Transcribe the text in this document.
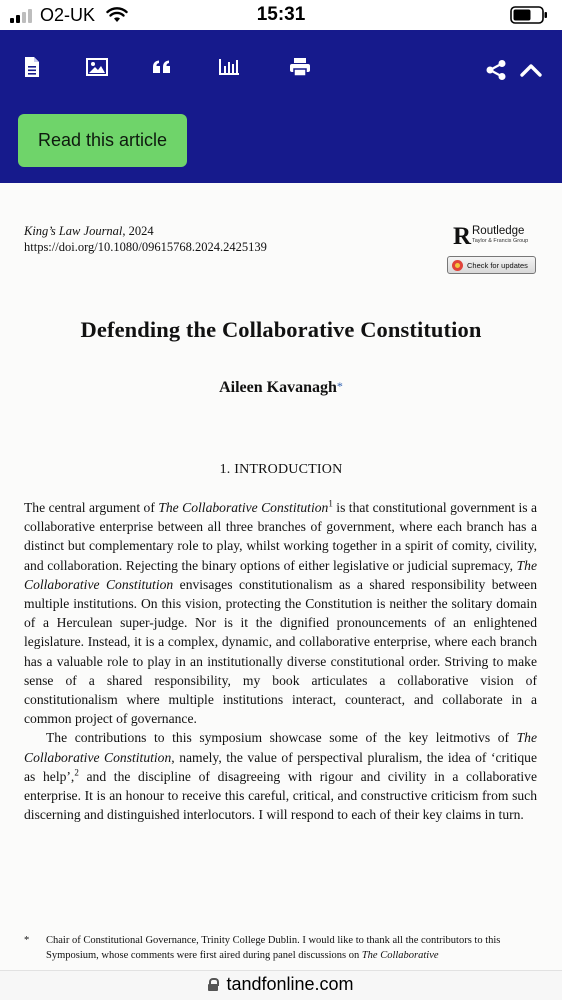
O2-UK	15:31
Read this article
King’s Law Journal, 2024
https://doi.org/10.1080/09615768.2024.2425139	R Routledge
Taylor & Francis Group
Check for updates
Defending the Collaborative Constitution
Aileen Kavanagh*
1. INTRODUCTION

The central argument of The Collaborative Constitution$^1$ is that constitutional government is a collaborative enterprise between all three branches of government, where each branch has a distinct but complementary role to play, whilst working together in a spirit of comity, civility, and collaboration. Rejecting the binary options of either legislative or judicial supremacy, The Collaborative Constitution envisages constitutionalism as a shared responsibility between multiple institutions. On this vision, protecting the Constitution is neither the solitary domain of a Herculean super-judge. Nor is it the dignified pronouncements of an enlightened legislature. Instead, it is a complex, dynamic, and collaborative enterprise, where each branch has a valuable role to play in an institutionally diverse constitutional order. Striving to make sense of a shared responsibility, my book articulates a collaborative vision of constitutionalism where multiple institutions interact, counteract, and collaborate in a common project of governance.

The contributions to this symposium showcase some of the key leitmotivs of The Collaborative Constitution, namely, the value of perspectival pluralism, the idea of ‘critique as help’,$^2$ and the discipline of disagreeing with rigour and civility in a collaborative enterprise. It is an honour to receive this careful, critical, and constructive criticism from such discerning and distinguished interlocutors. I will respond to each of their key claims in turn.

*	Chair of Constitutional Governance, Trinity College Dublin. I would like to thank all the contributors to this Symposium, whose comments were first aired during panel discussions on The Collaborative
tandfonline.com
